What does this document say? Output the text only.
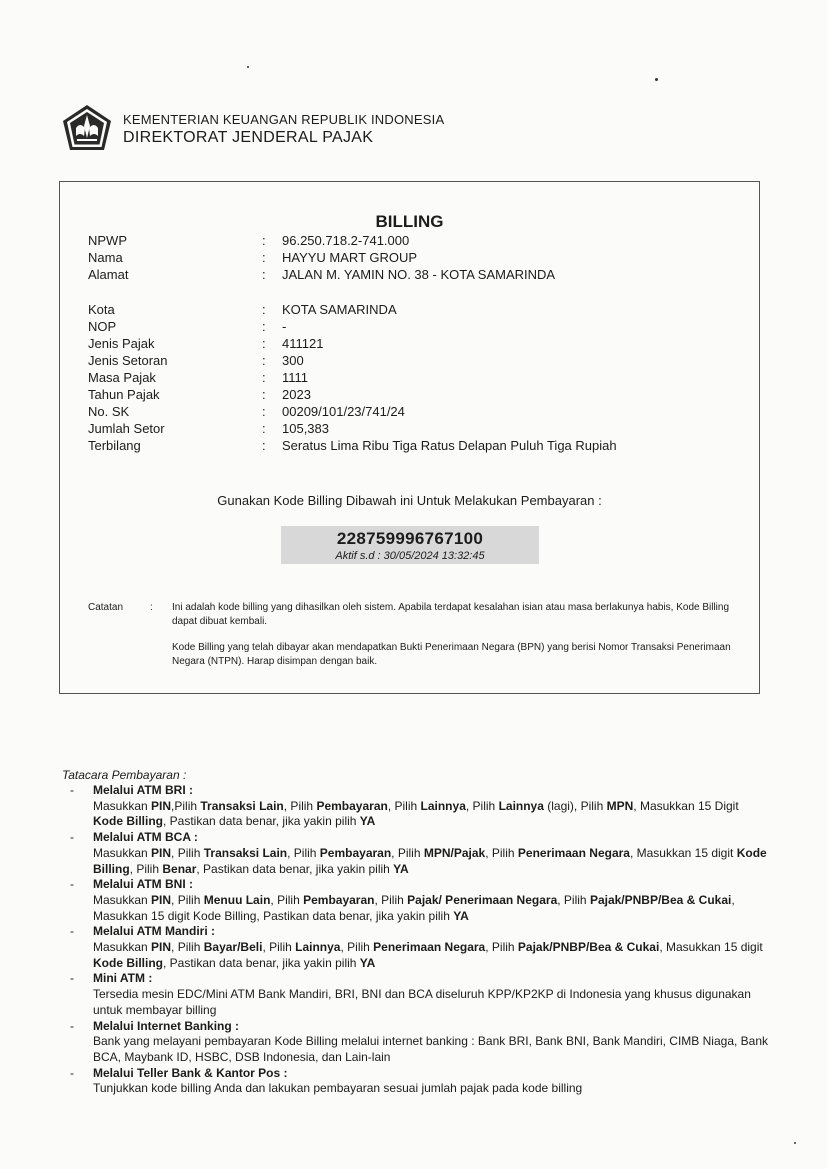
KEMENTERIAN KEUANGAN REPUBLIK INDONESIA
DIREKTORAT JENDERAL PAJAK
BILLING
NPWP	: 96.250.718.2-741.000
Nama	: HAYYU MART GROUP
Alamat	: JALAN M. YAMIN NO. 38 - KOTA SAMARINDA
Kota	: KOTA SAMARINDA
NOP	: -
Jenis Pajak	: 411121
Jenis Setoran	: 300
Masa Pajak	: 1111
Tahun Pajak	: 2023
No. SK	: 00209/101/23/741/24
Jumlah Setor	: 105,383
Terbilang	: Seratus Lima Ribu Tiga Ratus Delapan Puluh Tiga Rupiah
Gunakan Kode Billing Dibawah ini Untuk Melakukan Pembayaran :
228759996767100
Aktif s.d : 30/05/2024 13:32:45
Catatan	: Ini adalah kode billing yang dihasilkan oleh sistem. Apabila terdapat kesalahan isian atau masa berlakunya habis, Kode Billing dapat dibuat kembali.
Kode Billing yang telah dibayar akan mendapatkan Bukti Penerimaan Negara (BPN) yang berisi Nomor Transaksi Penerimaan Negara (NTPN). Harap disimpan dengan baik.
Tatacara Pembayaran :
- Melalui ATM BRI :
Masukkan PIN,Pilih Transaksi Lain, Pilih Pembayaran, Pilih Lainnya, Pilih Lainnya (lagi), Pilih MPN, Masukkan 15 Digit Kode Billing, Pastikan data benar, jika yakin pilih YA
- Melalui ATM BCA :
Masukkan PIN, Pilih Transaksi Lain, Pilih Pembayaran, Pilih MPN/Pajak, Pilih Penerimaan Negara, Masukkan 15 digit Kode Billing, Pilih Benar, Pastikan data benar, jika yakin pilih YA
- Melalui ATM BNI :
Masukkan PIN, Pilih Menuu Lain, Pilih Pembayaran, Pilih Pajak/ Penerimaan Negara, Pilih Pajak/PNBP/Bea & Cukai, Masukkan 15 digit Kode Billing, Pastikan data benar, jika yakin pilih YA
- Melalui ATM Mandiri :
Masukkan PIN, Pilih Bayar/Beli, Pilih Lainnya, Pilih Penerimaan Negara, Pilih Pajak/PNBP/Bea & Cukai, Masukkan 15 digit Kode Billing, Pastikan data benar, jika yakin pilih YA
- Mini ATM :
Tersedia mesin EDC/Mini ATM Bank Mandiri, BRI, BNI dan BCA diseluruh KPP/KP2KP di Indonesia yang khusus digunakan untuk membayar billing
- Melalui Internet Banking :
Bank yang melayani pembayaran Kode Billing melalui internet banking : Bank BRI, Bank BNI, Bank Mandiri, CIMB Niaga, Bank BCA, Maybank ID, HSBC, DSB Indonesia, dan Lain-lain
- Melalui Teller Bank & Kantor Pos :
Tunjukkan kode billing Anda dan lakukan pembayaran sesuai jumlah pajak pada kode billing
